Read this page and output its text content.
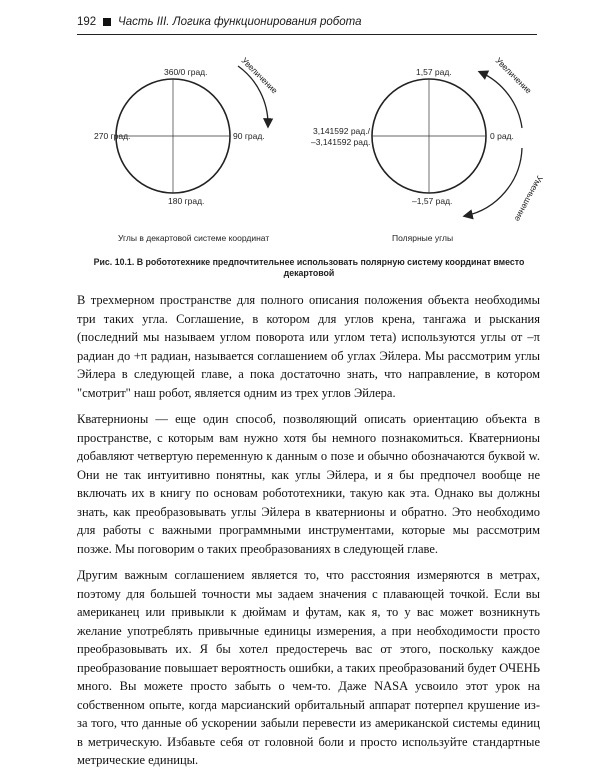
192 Часть III. Логика функционирования робота
360/0 град.
90 град.
180 град.
270 град.
Увеличение
Углы в декартовой системе координат
1,57 рад.
0 рад.
–1,57 рад.
3,141592 рад./
–3,141592 рад.
Увеличение
Уменьшение
Полярные углы
Рис. 10.1. В робототехнике предпочтительнее использовать полярную систему координат вместо декартовой

В трехмерном пространстве для полного описания положения объекта необходимы три таких угла. Соглашение, в котором для углов крена, тангажа и рыскания (последний мы называем углом поворота или углом тета) используются углы от –π радиан до +π радиан, называется соглашением об углах Эйлера. Мы рассмотрим углы Эйлера в следующей главе, а пока достаточно знать, что направление, в котором "смотрит" наш робот, является одним из трех углов Эйлера.

Кватернионы — еще один способ, позволяющий описать ориентацию объекта в пространстве, с которым вам нужно хотя бы немного познакомиться. Кватернионы добавляют четвертую переменную к данным о позе и обычно обозначаются буквой w. Они не так интуитивно понятны, как углы Эйлера, и я бы предпочел вообще не включать их в книгу по основам робототехники, такую как эта. Однако вы должны знать, как преобразовывать углы Эйлера в кватернионы и обратно. Это необходимо для работы с важными программными инструментами, которые мы рассмотрим позже. Мы поговорим о таких преобразованиях в следующей главе.

Другим важным соглашением является то, что расстояния измеряются в метрах, поэтому для большей точности мы задаем значения с плавающей точкой. Если вы американец или привыкли к дюймам и футам, как я, то у вас может возникнуть желание употреблять привычные единицы измерения, а при необходимости просто преобразовывать их. Я бы хотел предостеречь вас от этого, поскольку каждое преобразование повышает вероятность ошибки, а таких преобразований будет ОЧЕНЬ много. Вы можете просто забыть о чем-то. Даже NASA усвоило этот урок на собственном опыте, когда марсианский орбитальный аппарат потерпел крушение из-за того, что данные об ускорении забыли перевести из американской системы единиц в метрическую. Избавьте себя от головной боли и просто используйте стандартные метрические единицы.
